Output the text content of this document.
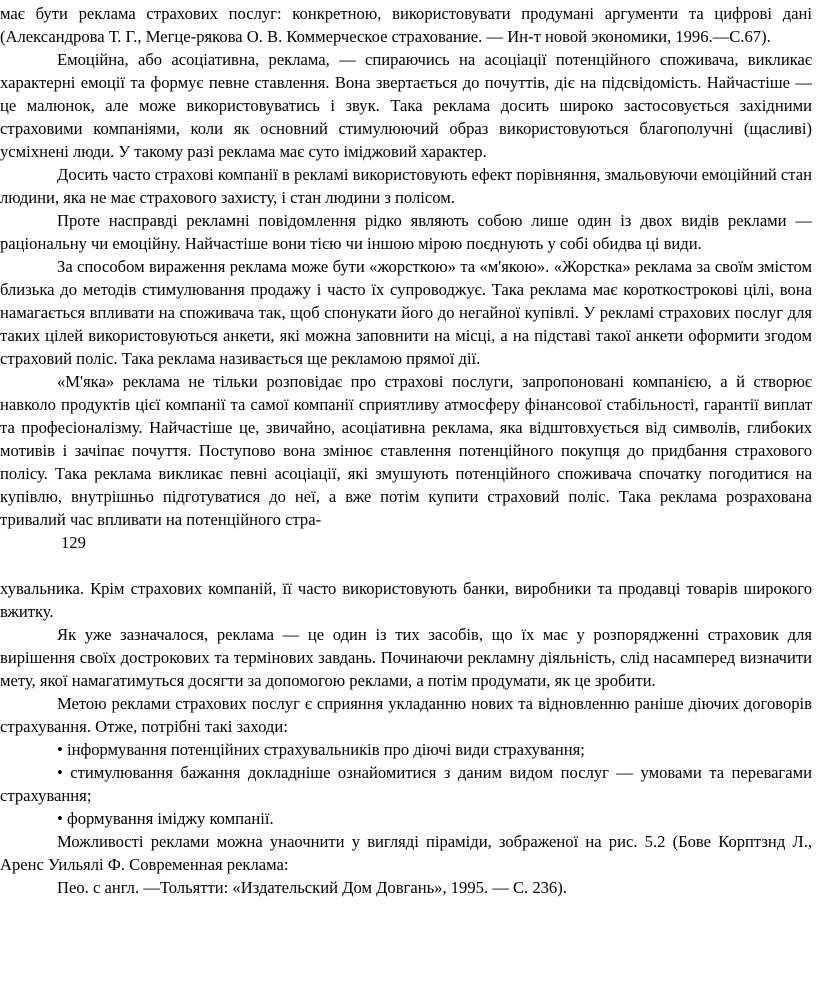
має бути реклама страхових послуг: конкретною, використовувати продумані аргументи та цифрові дані (Александрова Т. Г., Мегце-рякова О. В. Коммерческое страхование. — Ин-т новой экономики, 1996.—С.67).

Емоційна, або асоціативна, реклама, — спираючись на асоціації потенційного споживача, викликає характерні емоції та формує певне ставлення. Вона звертається до почуттів, діє на підсвідомість. Найчастіше — це малюнок, але може використовуватись і звук. Така реклама досить широко застосовується західними страховими компаніями, коли як основний стимулюючий образ використовуються благополучні (щасливі) усміхнені люди. У такому разі реклама має суто іміджовий характер.

Досить часто страхові компанії в рекламі використовують ефект порівняння, змальовуючи емоційний стан людини, яка не має страхового захисту, і стан людини з полісом.

Проте насправді рекламні повідомлення рідко являють собою лише один із двох видів реклами — раціональну чи емоційну. Найчастіше вони тією чи іншою мірою поєднують у собі обидва ці види.

За способом вираження реклама може бути «жорсткою» та «м'якою». «Жорстка» реклама за своїм змістом близька до методів стимулювання продажу і часто їх супроводжує. Така реклама має короткострокові цілі, вона намагається впливати на споживача так, щоб спонукати його до негайної купівлі. У рекламі страхових послуг для таких цілей використовуються анкети, які можна заповнити на місці, а на підставі такої анкети оформити згодом страховий поліс. Така реклама називається ще рекламою прямої дії.

«М'яка» реклама не тільки розповідає про страхові послуги, запропоновані компанією, а й створює навколо продуктів цієї компанії та самої компанії сприятливу атмосферу фінансової стабільності, гарантії виплат та професіоналізму. Найчастіше це, звичайно, асоціативна реклама, яка відштовхується від символів, глибоких мотивів і зачіпає почуття. Поступово вона змінює ставлення потенційного покупця до придбання страхового полісу. Така реклама викликає певні асоціації, які змушують потенційного споживача спочатку погодитися на купівлю, внутрішньо підготуватися до неї, а вже потім купити страховий поліс. Така реклама розрахована тривалий час впливати на потенційного стра-

129

хувальника. Крім страхових компаній, її часто використовують банки, виробники та продавці товарів широкого вжитку.

Як уже зазначалося, реклама — це один із тих засобів, що їх має у розпорядженні страховик для вирішення своїх дострокових та термінових завдань. Починаючи рекламну діяльність, слід насамперед визначити мету, якої намагатимуться досягти за допомогою реклами, а потім продумати, як це зробити.

Метою реклами страхових послуг є сприяння укладанню нових та відновленню раніше діючих договорів страхування. Отже, потрібні такі заходи:

• інформування потенційних страхувальників про діючі види страхування;

• стимулювання бажання докладніше ознайомитися з даним видом послуг — умовами та перевагами страхування;

• формування іміджу компанії.

Можливості реклами можна унаочнити у вигляді піраміди, зображеної на рис. 5.2 (Бове Корптзнд Л., Аренс Уильялі Ф. Современная реклама:

Пео. с англ. —Тольятти: «Издательский Дом Довгань», 1995. — С. 236).
